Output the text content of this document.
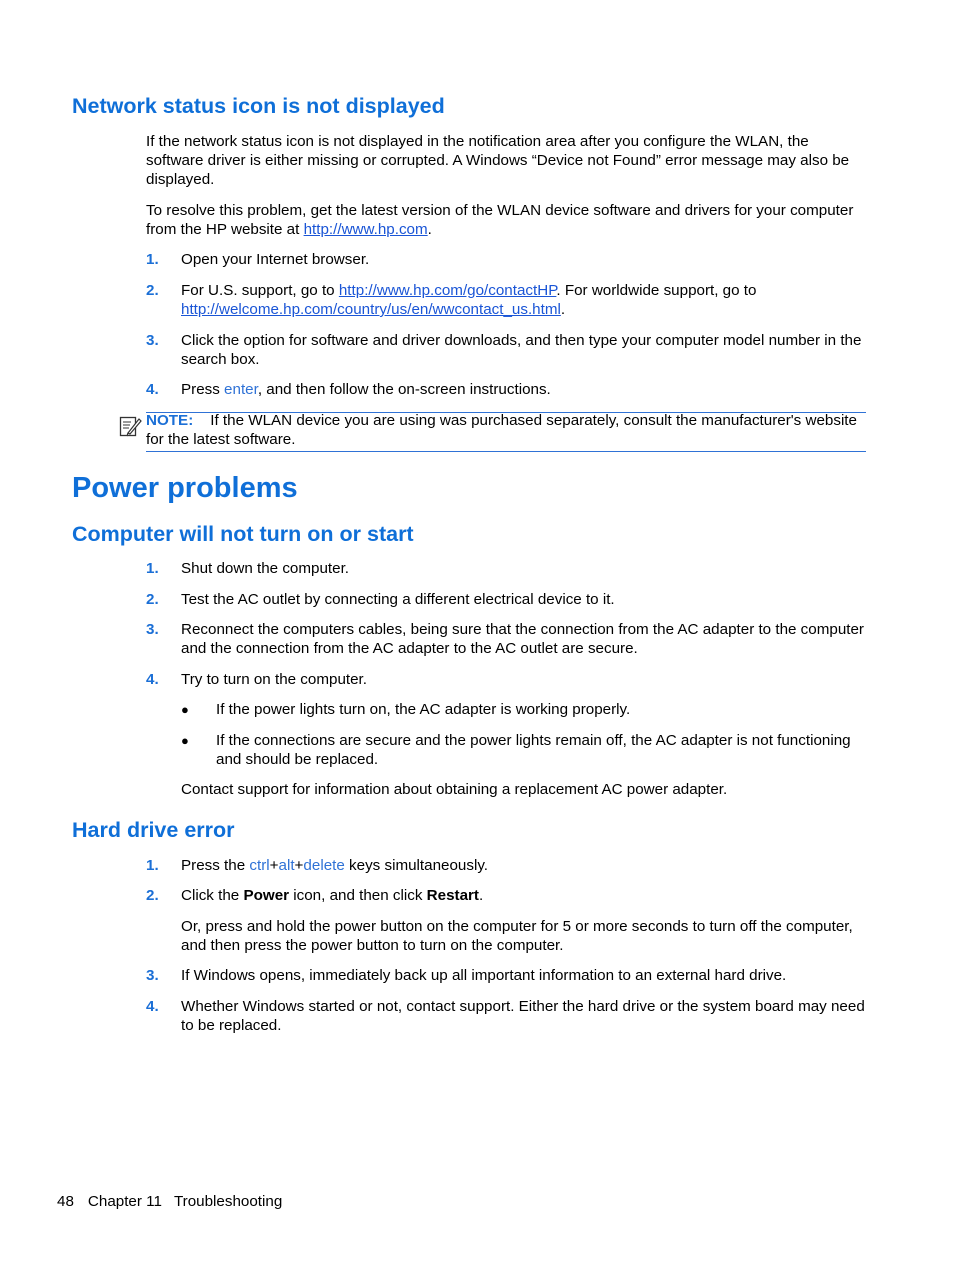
Network status icon is not displayed

If the network status icon is not displayed in the notification area after you configure the WLAN, the software driver is either missing or corrupted. A Windows “Device not Found” error message may also be displayed.

To resolve this problem, get the latest version of the WLAN device software and drivers for your computer from the HP website at http://www.hp.com.

1. Open your Internet browser.

2. For U.S. support, go to http://www.hp.com/go/contactHP. For worldwide support, go to
http://welcome.hp.com/country/us/en/wwcontact_us.html.

3. Click the option for software and driver downloads, and then type your computer model number in the search box.

4. Press enter, and then follow the on-screen instructions.

NOTE: If the WLAN device you are using was purchased separately, consult the manufacturer's website for the latest software.

Power problems
Computer will not turn on or start
1. Shut down the computer.

2. Test the AC outlet by connecting a different electrical device to it.

3. Reconnect the computers cables, being sure that the connection from the AC adapter to the computer and the connection from the AC adapter to the AC outlet are secure.

4. Try to turn on the computer.

● If the power lights turn on, the AC adapter is working properly.

● If the connections are secure and the power lights remain off, the AC adapter is not functioning and should be replaced.

Contact support for information about obtaining a replacement AC power adapter.

Hard drive error
1. Press the ctrl+alt+delete keys simultaneously.

2. Click the Power icon, and then click Restart.

Or, press and hold the power button on the computer for 5 or more seconds to turn off the computer, and then press the power button to turn on the computer.

3. If Windows opens, immediately back up all important information to an external hard drive.

4. Whether Windows started or not, contact support. Either the hard drive or the system board may need to be replaced.

48 Chapter 11 Troubleshooting
